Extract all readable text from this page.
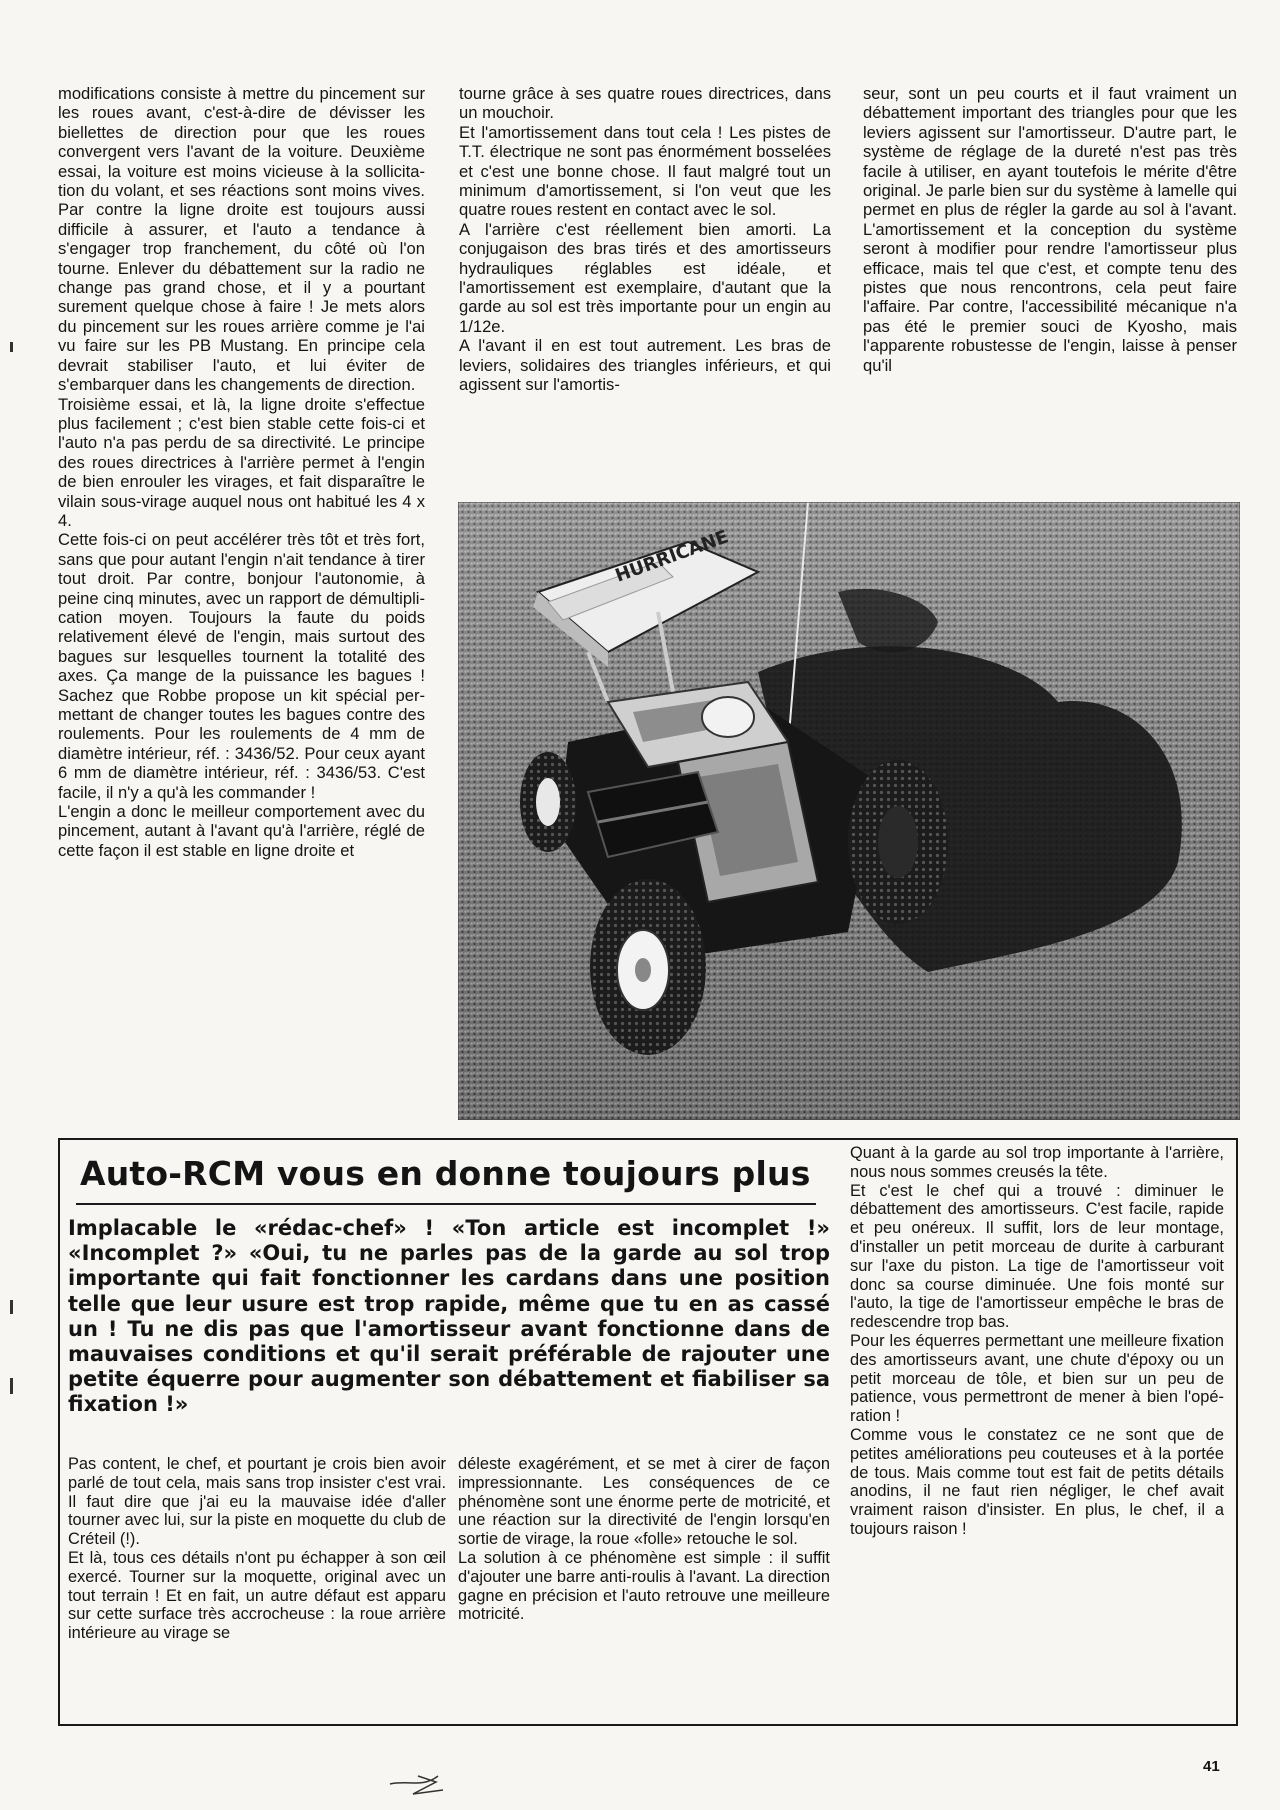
modifications consiste à mettre du pincement sur les roues avant, c'est-à-dire de dévisser les biellettes de direction pour que les roues convergent vers l'avant de la voiture. Deuxième essai, la voiture est moins vicieuse à la sollicitation du volant, et ses réactions sont moins vives. Par contre la ligne droite est toujours aussi difficile à assurer, et l'auto a tendance à s'engager trop franchement, du côté où l'on tourne. Enlever du débattement sur la radio ne change pas grand chose, et il y a pourtant surement quelque chose à faire ! Je mets alors du pincement sur les roues arrière comme je l'ai vu faire sur les PB Mustang. En principe cela devrait stabiliser l'auto, et lui éviter de s'embarquer dans les changements de direction.

Troisième essai, et là, la ligne droite s'effectue plus facilement ; c'est bien stable cette fois-ci et l'auto n'a pas perdu de sa directivité. Le principe des roues directrices à l'arrière permet à l'engin de bien enrouler les virages, et fait disparaître le vilain sous-virage auquel nous ont habitué les 4 x 4.

Cette fois-ci on peut accélérer très tôt et très fort, sans que pour autant l'engin n'ait tendance à tirer tout droit. Par contre, bonjour l'autonomie, à peine cinq minutes, avec un rapport de démultiplication moyen. Toujours la faute du poids relativement élevé de l'engin, mais surtout des bagues sur lesquelles tournent la totalité des axes. Ça mange de la puissance les bagues ! Sachez que Robbe propose un kit spécial permettant de changer toutes les bagues contre des roulements. Pour les roulements de 4 mm de diamètre intérieur, réf. : 3436/52. Pour ceux ayant 6 mm de diamètre intérieur, réf. : 3436/53. C'est facile, il n'y a qu'à les commander !

L'engin a donc le meilleur comportement avec du pincement, autant à l'avant qu'à l'arrière, réglé de cette façon il est stable en ligne droite et

tourne grâce à ses quatre roues directrices, dans un mouchoir.

Et l'amortissement dans tout cela ! Les pistes de T.T. électrique ne sont pas énormément bosselées et c'est une bonne chose. Il faut malgré tout un minimum d'amortissement, si l'on veut que les quatre roues restent en contact avec le sol.

A l'arrière c'est réellement bien amorti. La conjugaison des bras tirés et des amortisseurs hydrauliques réglables est idéale, et l'amortissement est exemplaire, d'autant que la garde au sol est très importante pour un engin au 1/12e.

A l'avant il en est tout autrement. Les bras de leviers, solidaires des triangles inférieurs, et qui agissent sur l'amortis-

seur, sont un peu courts et il faut vraiment un débattement important des triangles pour que les leviers agissent sur l'amortisseur. D'autre part, le système de réglage de la dureté n'est pas très facile à utiliser, en ayant toutefois le mérite d'être original. Je parle bien sur du système à lamelle qui permet en plus de régler la garde au sol à l'avant. L'amortissement et la conception du système seront à modifier pour rendre l'amortisseur plus efficace, mais tel que c'est, et compte tenu des pistes que nous rencontrons, cela peut faire l'affaire. Par contre, l'accessibilité mécanique n'a pas été le premier souci de Kyosho, mais l'apparente robustesse de l'engin, laisse à penser qu'il

HURRICANE
Auto-RCM vous en donne toujours plus

Implacable le «rédac-chef» ! «Ton article est incomplet !» «Incomplet ?» «Oui, tu ne parles pas de la garde au sol trop importante qui fait fonctionner les cardans dans une position telle que leur usure est trop rapide, même que tu en as cassé un ! Tu ne dis pas que l'amortisseur avant fonctionne dans de mauvaises conditions et qu'il serait préférable de rajouter une petite équerre pour augmenter son débattement et fiabiliser sa fixation !»

Pas content, le chef, et pourtant je crois bien avoir parlé de tout cela, mais sans trop insister c'est vrai. Il faut dire que j'ai eu la mauvaise idée d'aller tourner avec lui, sur la piste en moquette du club de Créteil (!).

Et là, tous ces détails n'ont pu échapper à son œil exercé. Tourner sur la moquette, original avec un tout terrain ! Et en fait, un autre défaut est apparu sur cette surface très accrocheuse : la roue arrière intérieure au virage se

déleste exagérément, et se met à cirer de façon impressionnante. Les conséquences de ce phénomène sont une énorme perte de motricité, et une réaction sur la directivité de l'engin lorsqu'en sortie de virage, la roue «folle» retouche le sol.

La solution à ce phénomène est simple : il suffit d'ajouter une barre anti-roulis à l'avant. La direction gagne en précision et l'auto retrouve une meilleure motricité.

Quant à la garde au sol trop importante à l'arrière, nous nous sommes creusés la tête.

Et c'est le chef qui a trouvé : diminuer le débattement des amortisseurs. C'est facile, rapide et peu onéreux. Il suffit, lors de leur montage, d'installer un petit morceau de durite à carburant sur l'axe du piston. La tige de l'amortisseur voit donc sa course diminuée. Une fois monté sur l'auto, la tige de l'amortisseur empêche le bras de redescendre trop bas.

Pour les équerres permettant une meilleure fixation des amortisseurs avant, une chute d'époxy ou un petit morceau de tôle, et bien sur un peu de patience, vous permettront de mener à bien l'opération !

Comme vous le constatez ce ne sont que de petites améliorations peu couteuses et à la portée de tous. Mais comme tout est fait de petits détails anodins, il ne faut rien négliger, le chef avait vraiment raison d'insister. En plus, le chef, il a toujours raison !

41
